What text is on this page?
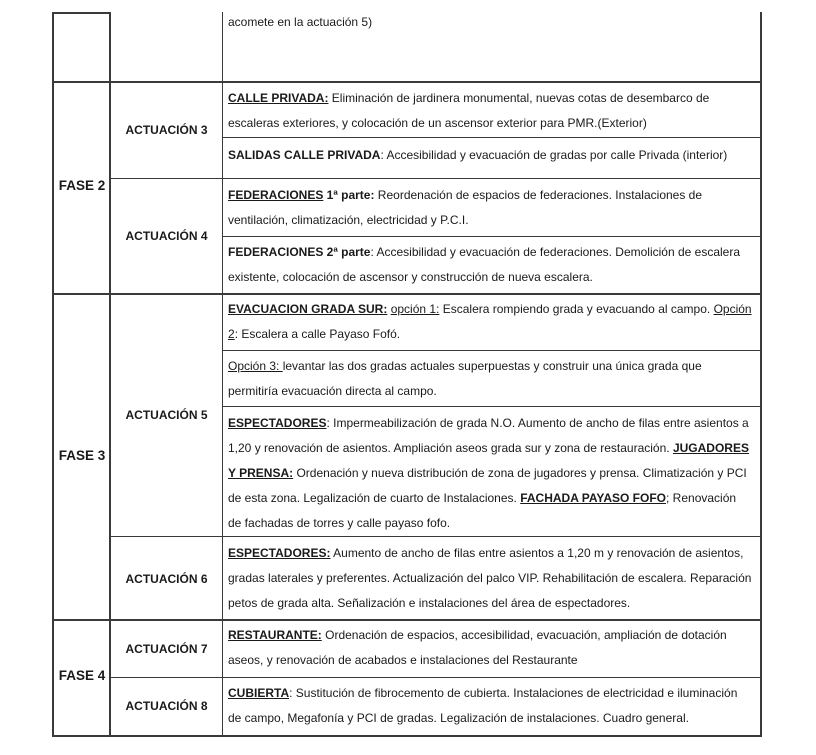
FASE 2
FASE 3
FASE 4
ACTUACIÓN 3
ACTUACIÓN 4
ACTUACIÓN 5
ACTUACIÓN 6
ACTUACIÓN 7
ACTUACIÓN 8
acomete en la actuación 5)
CALLE PRIVADA: Eliminación de jardinera monumental, nuevas cotas de desembarco de escaleras exteriores, y colocación de un ascensor exterior para PMR.(Exterior)
SALIDAS CALLE PRIVADA: Accesibilidad y evacuación de gradas por calle Privada (interior)
FEDERACIONES 1ª parte: Reordenación de espacios de federaciones. Instalaciones de ventilación, climatización, electricidad y P.C.I.
FEDERACIONES 2ª parte: Accesibilidad y evacuación de federaciones. Demolición de escalera existente, colocación de ascensor y construcción de nueva escalera.
EVACUACION GRADA SUR: opción 1: Escalera rompiendo grada y evacuando al campo. Opción 2: Escalera a calle Payaso Fofó.
Opción 3: levantar las dos gradas actuales superpuestas y construir una única grada que permitiría evacuación directa al campo.
ESPECTADORES: Impermeabilización de grada N.O. Aumento de ancho de filas entre asientos a 1,20 y renovación de asientos. Ampliación aseos grada sur y zona de restauración. JUGADORES Y PRENSA: Ordenación y nueva distribución de zona de jugadores y prensa. Climatización y PCI de esta zona. Legalización de cuarto de Instalaciones. FACHADA PAYASO FOFO; Renovación de fachadas de torres y calle payaso fofo.
ESPECTADORES: Aumento de ancho de filas entre asientos a 1,20 m y renovación de asientos, gradas laterales y preferentes. Actualización del palco VIP. Rehabilitación de escalera. Reparación petos de grada alta. Señalización e instalaciones del área de espectadores.
RESTAURANTE: Ordenación de espacios, accesibilidad, evacuación, ampliación de dotación aseos, y renovación de acabados e instalaciones del Restaurante
CUBIERTA: Sustitución de fibrocemento de cubierta. Instalaciones de electricidad e iluminación de campo, Megafonía y PCI de gradas. Legalización de instalaciones. Cuadro general.
